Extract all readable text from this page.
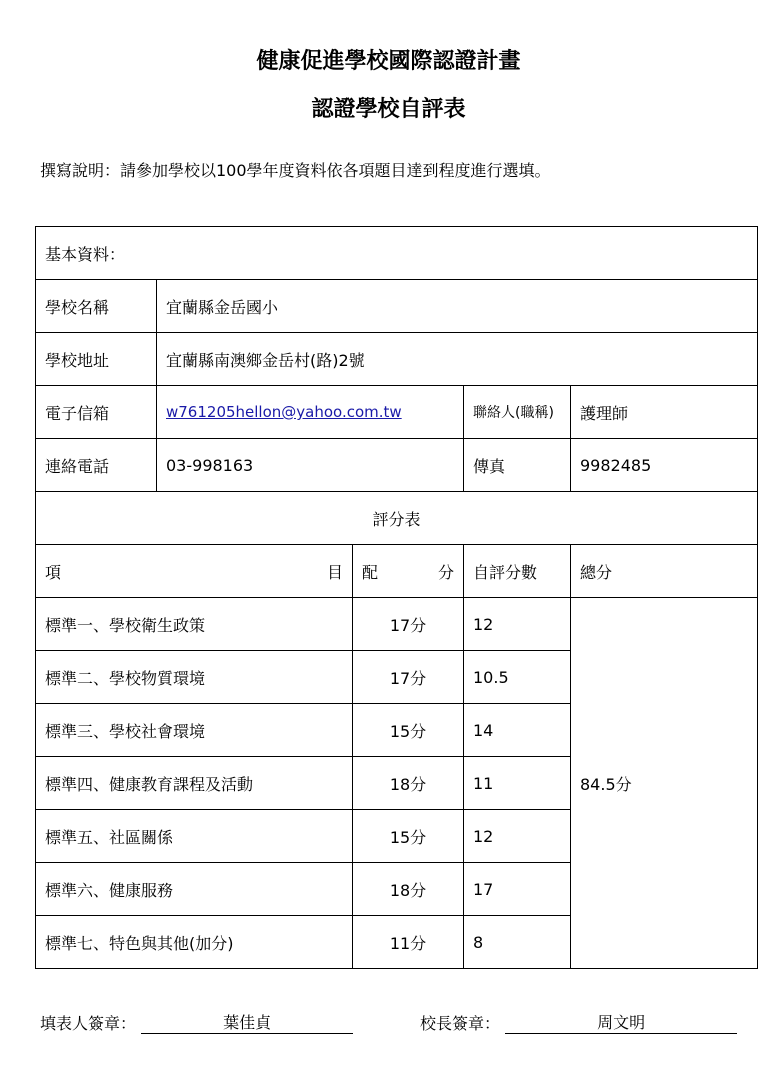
健康促進學校國際認證計畫
認證學校自評表
撰寫說明：請參加學校以100學年度資料依各項題目達到程度進行選填。
基本資料：				
學校名稱	宜蘭縣金岳國小			
學校地址	宜蘭縣南澳鄉金岳村(路)2號			
電子信箱	w761205hellon@yahoo.com.tw		聯絡人(職稱)	護理師
連絡電話	03-998163		傳真	9982485
評分表				

項 目		配 分	自評分數	總分
標準一、學校衛生政策		17分	12	84.5分
標準二、學校物質環境		17分	10.5	
標準三、學校社會環境		15分	14	
標準四、健康教育課程及活動		18分	11	
標準五、社區關係		15分	12	
標準六、健康服務		18分	17	
標準七、特色與其他(加分)		11分	8	
填表人簽章：	葉佳貞	校長簽章：	周文明
